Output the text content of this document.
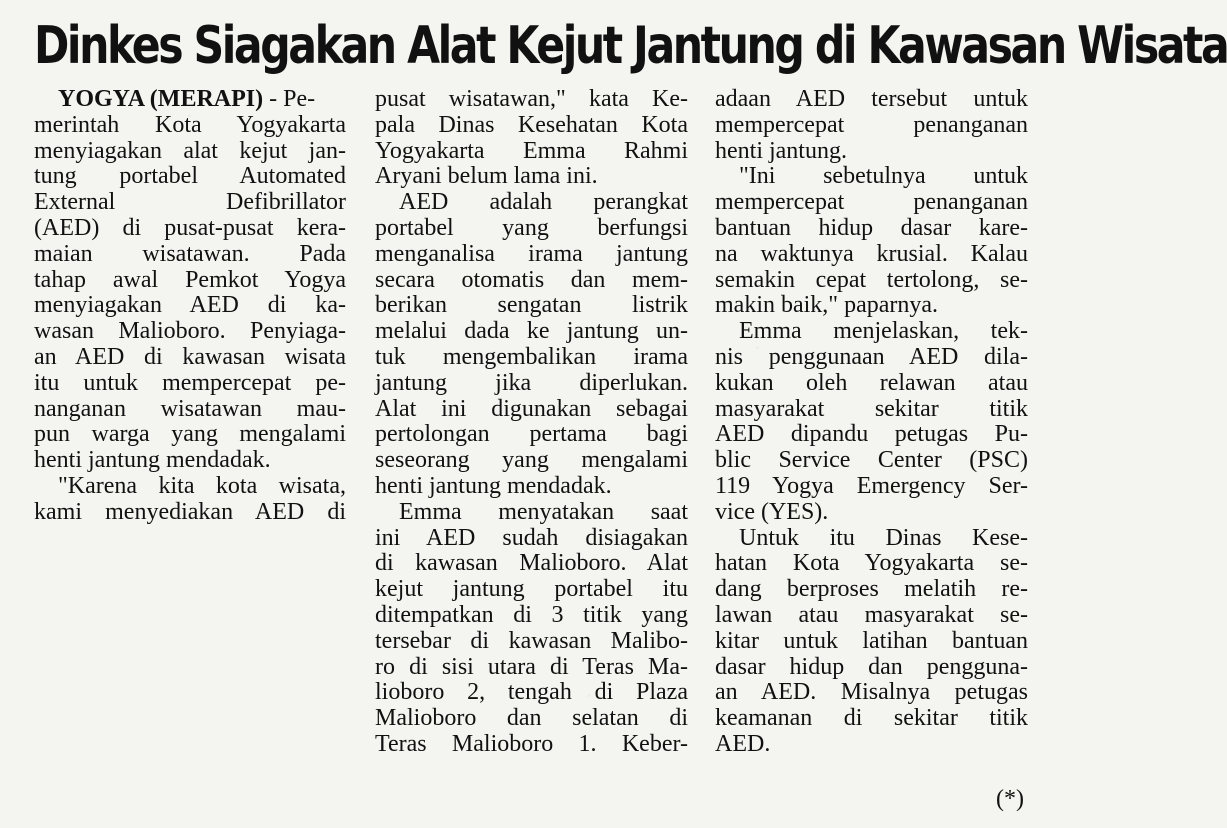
Dinkes Siagakan Alat Kejut Jantung di Kawasan Wisata
YOGYA (MERAPI) - Pe-
merintah Kota Yogyakarta
menyiagakan alat kejut jan-
tung portabel Automated
External Defibrillator
(AED) di pusat-pusat kera-
maian wisatawan. Pada
tahap awal Pemkot Yogya
menyiagakan AED di ka-
wasan Malioboro. Penyiaga-
an AED di kawasan wisata
itu untuk mempercepat pe-
nanganan wisatawan mau-
pun warga yang mengalami
henti jantung mendadak.
"Karena kita kota wisata,
kami menyediakan AED di
pusat wisatawan," kata Ke-
pala Dinas Kesehatan Kota
Yogyakarta Emma Rahmi
Aryani belum lama ini.
AED adalah perangkat
portabel yang berfungsi
menganalisa irama jantung
secara otomatis dan mem-
berikan sengatan listrik
melalui dada ke jantung un-
tuk mengembalikan irama
jantung jika diperlukan.
Alat ini digunakan sebagai
pertolongan pertama bagi
seseorang yang mengalami
henti jantung mendadak.
Emma menyatakan saat
ini AED sudah disiagakan
di kawasan Malioboro. Alat
kejut jantung portabel itu
ditempatkan di 3 titik yang
tersebar di kawasan Malibo-
ro di sisi utara di Teras Ma-
lioboro 2, tengah di Plaza
Malioboro dan selatan di
Teras Malioboro 1. Keber-
adaan AED tersebut untuk
mempercepat penanganan
henti jantung.
"Ini sebetulnya untuk
mempercepat penanganan
bantuan hidup dasar kare-
na waktunya krusial. Kalau
semakin cepat tertolong, se-
makin baik," paparnya.
Emma menjelaskan, tek-
nis penggunaan AED dila-
kukan oleh relawan atau
masyarakat sekitar titik
AED dipandu petugas Pu-
blic Service Center (PSC)
119 Yogya Emergency Ser-
vice (YES).
Untuk itu Dinas Kese-
hatan Kota Yogyakarta se-
dang berproses melatih re-
lawan atau masyarakat se-
kitar untuk latihan bantuan
dasar hidup dan pengguna-
an AED. Misalnya petugas
keamanan di sekitar titik
AED.
(*)
